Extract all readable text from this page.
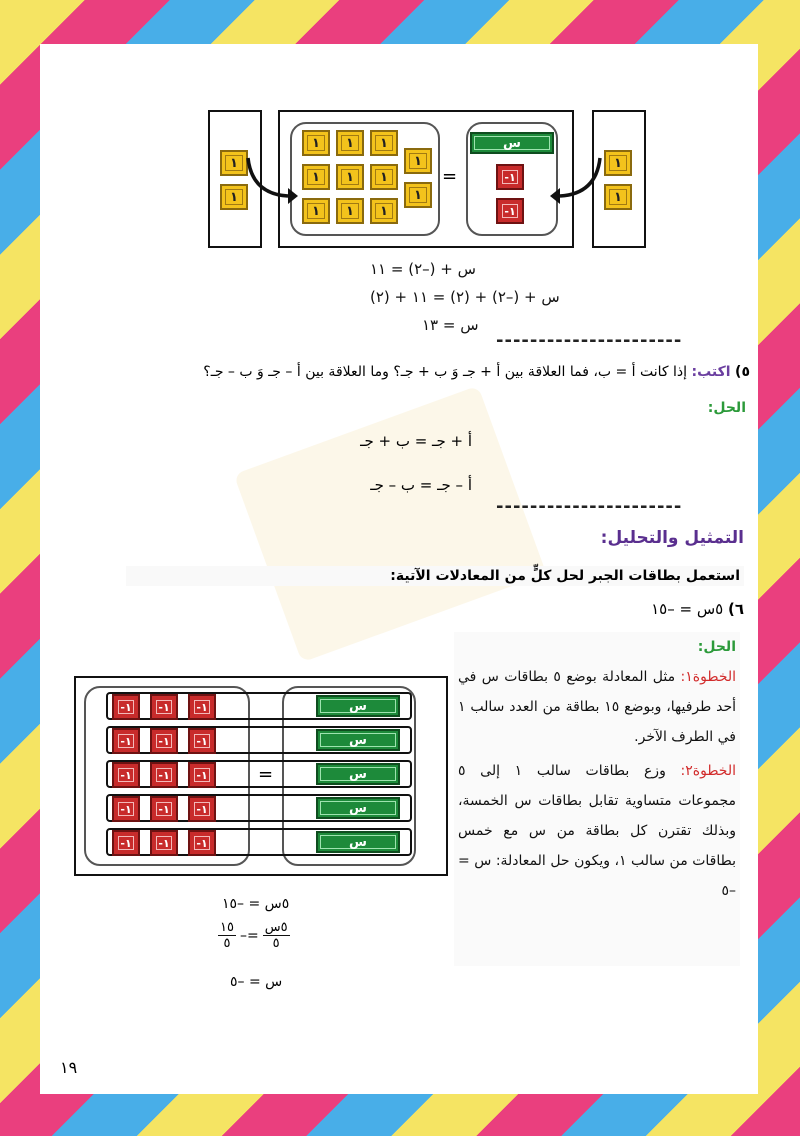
١
١
١ ١ ١
١ ١ ١
١ ١ ١
١
١
=
س
١-
١-
١
١
س + (–٢) = ١١
س + (–٢) + (٢) = ١١ + (٢)
س = ١٣
----------------------
٥) اكتب: إذا كانت أ = ب، فما العلاقة بين أ + جـ وَ ب + جـ؟ وما العلاقة بين أ – جـ وَ ب – جـ؟
الحل:
أ + جـ = ب + جـ
أ – جـ = ب – جـ
----------------------
التمثيل والتحليل:
استعمل بطاقات الجبر لحل كلٍّ من المعادلات الآتية:
٦) ٥س = –١٥
الحل:
الخطوة١: مثل المعادلة بوضع ٥ بطاقات س في أحد طرفيها، وبوضع ١٥ بطاقة من العدد سالب ١ في الطرف الآخر.
الخطوة٢: وزع بطاقات سالب ١ إلى ٥ مجموعات متساوية تقابل بطاقات س الخمسة، وبذلك تقترن كل بطاقة من س مع خمس بطاقات من سالب ١، ويكون حل المعادلة: س = –٥
١- ١- ١-	س
١- ١- ١-	س
١- ١- ١-	=	س
١- ١- ١-	س
١- ١- ١-	س
٥س = –١٥
$\frac{١٥}{٥} -= \frac{\text{٥س}}{٥}$
س = –٥
١٩
